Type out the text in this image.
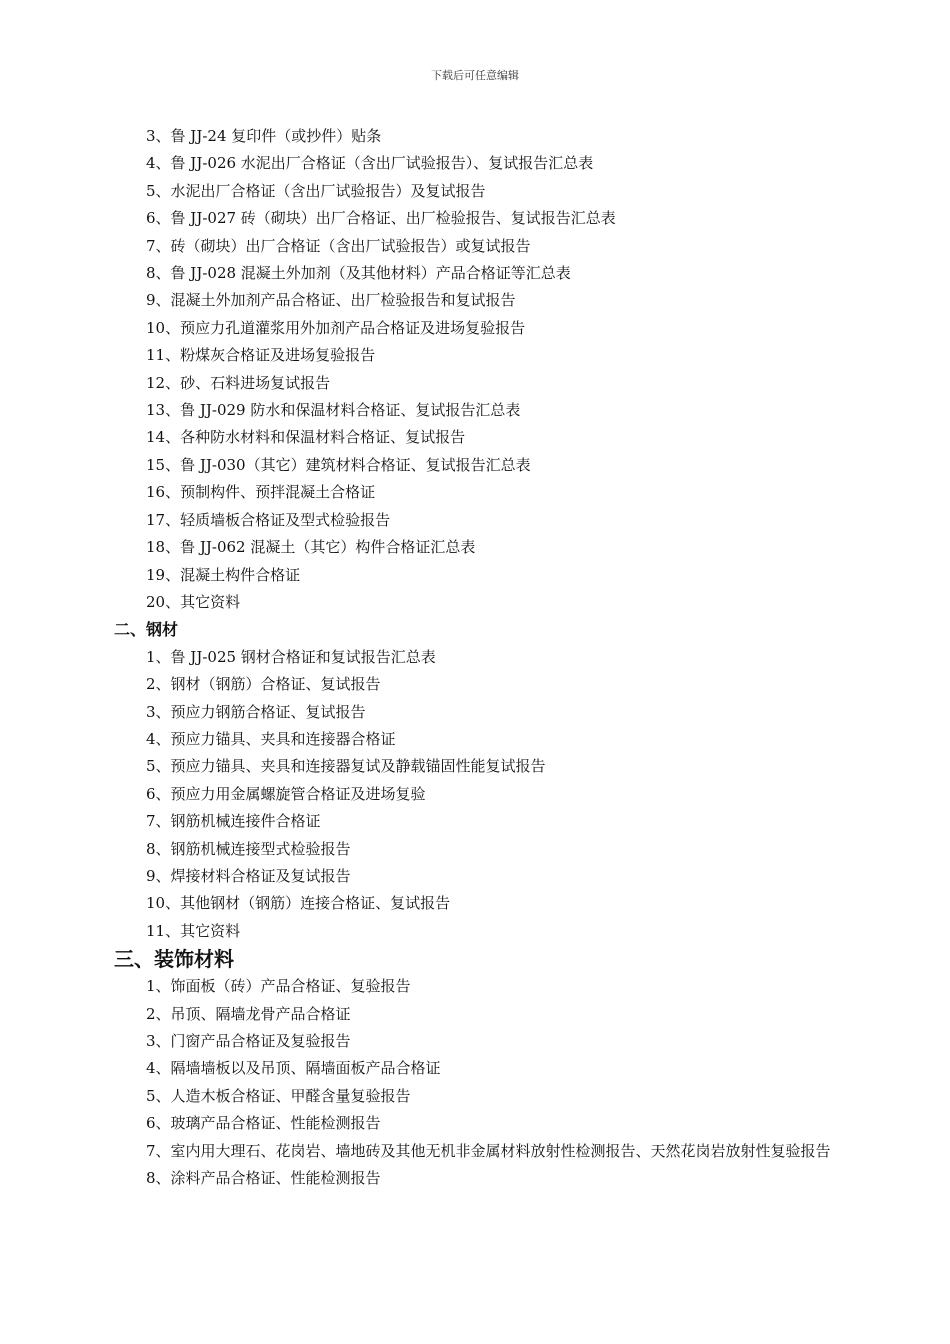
下载后可任意编辑
3、鲁 JJ-24 复印件（或抄件）贴条
4、鲁 JJ-026 水泥出厂合格证（含出厂试验报告）、复试报告汇总表
5、水泥出厂合格证（含出厂试验报告）及复试报告
6、鲁 JJ-027 砖（砌块）出厂合格证、出厂检验报告、复试报告汇总表
7、砖（砌块）出厂合格证（含出厂试验报告）或复试报告
8、鲁 JJ-028 混凝土外加剂（及其他材料）产品合格证等汇总表
9、混凝土外加剂产品合格证、出厂检验报告和复试报告
10、预应力孔道灌浆用外加剂产品合格证及进场复验报告
11、粉煤灰合格证及进场复验报告
12、砂、石料进场复试报告
13、鲁 JJ-029 防水和保温材料合格证、复试报告汇总表
14、各种防水材料和保温材料合格证、复试报告
15、鲁 JJ-030（其它）建筑材料合格证、复试报告汇总表
16、预制构件、预拌混凝土合格证
17、轻质墙板合格证及型式检验报告
18、鲁 JJ-062 混凝土（其它）构件合格证汇总表
19、混凝土构件合格证
20、其它资料
二、钢材
1、鲁 JJ-025 钢材合格证和复试报告汇总表
2、钢材（钢筋）合格证、复试报告
3、预应力钢筋合格证、复试报告
4、预应力锚具、夹具和连接器合格证
5、预应力锚具、夹具和连接器复试及静载锚固性能复试报告
6、预应力用金属螺旋管合格证及进场复验
7、钢筋机械连接件合格证
8、钢筋机械连接型式检验报告
9、焊接材料合格证及复试报告
10、其他钢材（钢筋）连接合格证、复试报告
11、其它资料
三、装饰材料
1、饰面板（砖）产品合格证、复验报告
2、吊顶、隔墙龙骨产品合格证
3、门窗产品合格证及复验报告
4、隔墙墙板以及吊顶、隔墙面板产品合格证
5、人造木板合格证、甲醛含量复验报告
6、玻璃产品合格证、性能检测报告
7、室内用大理石、花岗岩、墙地砖及其他无机非金属材料放射性检测报告、天然花岗岩放射性复验报告
8、涂料产品合格证、性能检测报告
